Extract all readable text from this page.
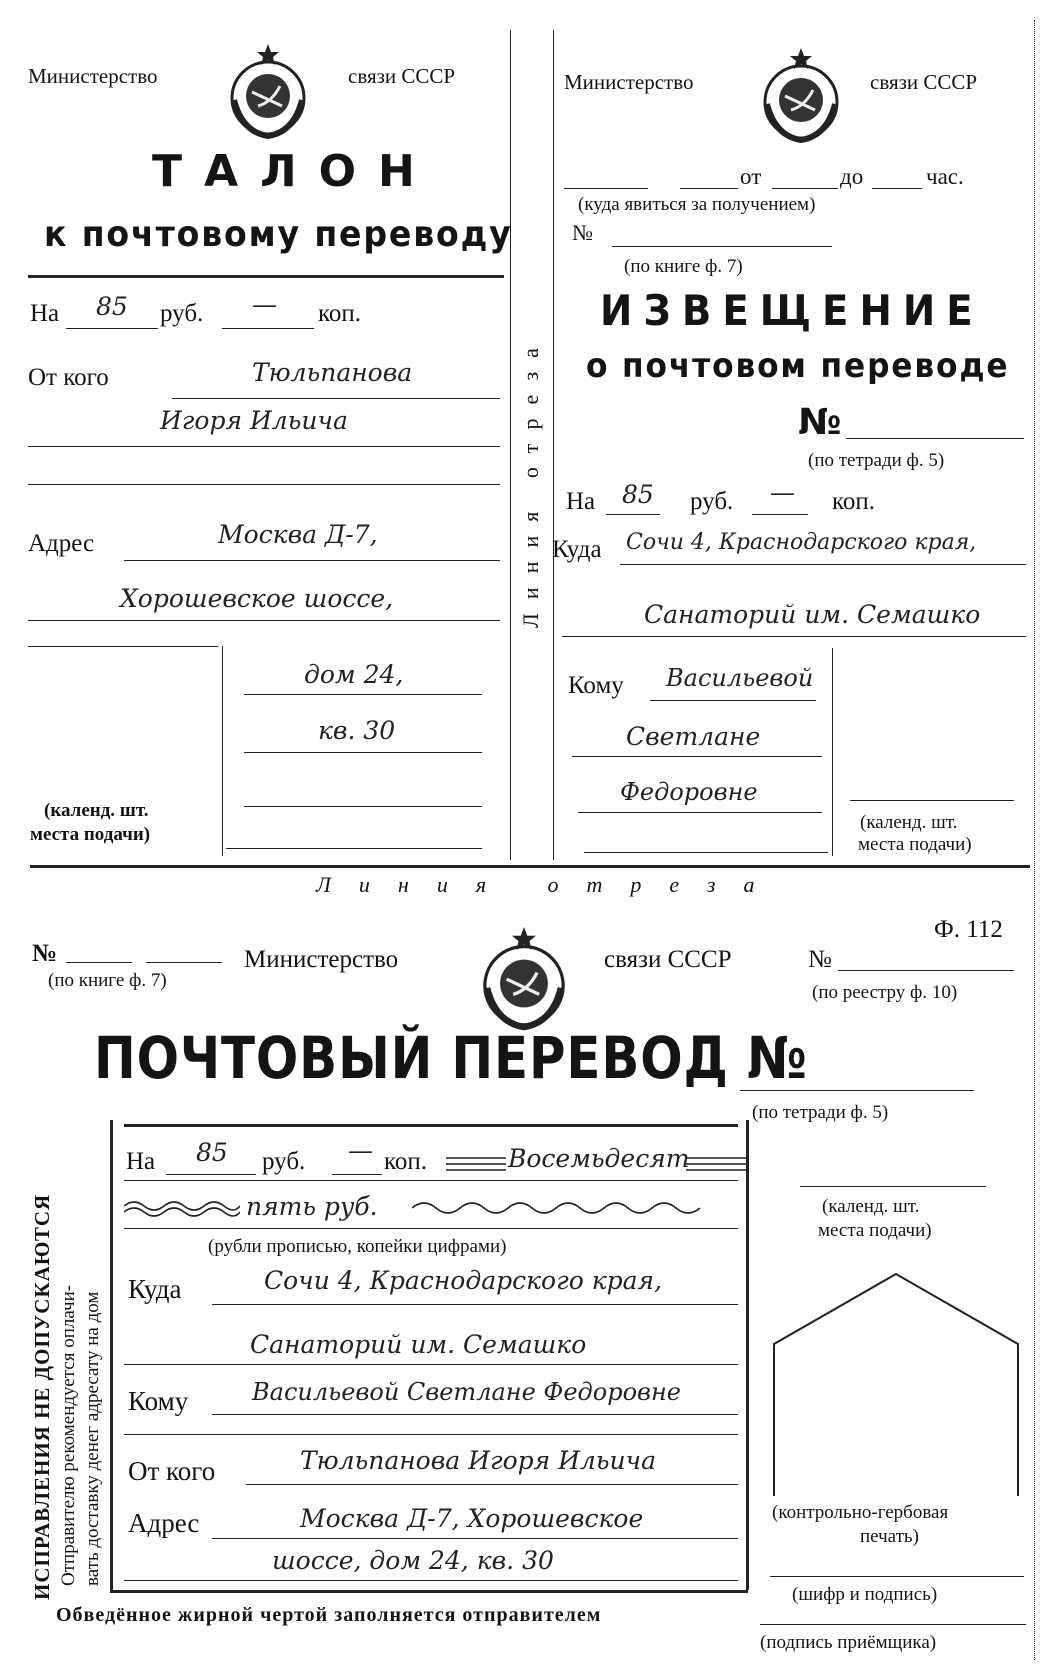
Министерство	связи СССР
ТАЛОН
к почтовому переводу
На 85 руб. — коп.
От кого	Тюльпанова
Игоря Ильича
Адрес	Москва Д-7,
Хорошевское шоссе,
дом 24,
кв. 30
(календ. шт.
места подачи)
Линия отреза
Министерство	связи СССР
от	до	час.
(куда явиться за получением)
№
(по книге ф. 7)
ИЗВЕЩЕНИЕ
о почтовом переводе
№
(по тетради ф. 5)
На 85 руб. — коп.
Куда Сочи 4, Краснодарского края,
Санаторий им. Семашко
Кому Васильевой
Светлане
Федоровне
(календ. шт.
места подачи)
Линия отреза
№
(по книге ф. 7)
Министерство	связи СССР	№
(по реестру ф. 10)
Ф. 112
ПОЧТОВЫЙ ПЕРЕВОД №
(по тетради ф. 5)
ИСПРАВЛЕНИЯ НЕ ДОПУСКАЮТСЯ Отправителю рекомендуется оплачи- вать доставку денег адресату на дом
На 85 руб. — коп.	Восемьдесят
пять руб.
(рубли прописью, копейки цифрами)
Куда	Сочи 4, Краснодарского края,
Санаторий им. Семашко
Кому	Васильевой Светлане Федоровне
От кого	Тюльпанова Игоря Ильича
Адрес	Москва Д-7, Хорошевское
шоссе, дом 24, кв. 30
Обведённое жирной чертой заполняется отправителем
(календ. шт.
места подачи)
(контрольно-гербовая
печать)
(шифр и подпись)
(подпись приёмщика)
